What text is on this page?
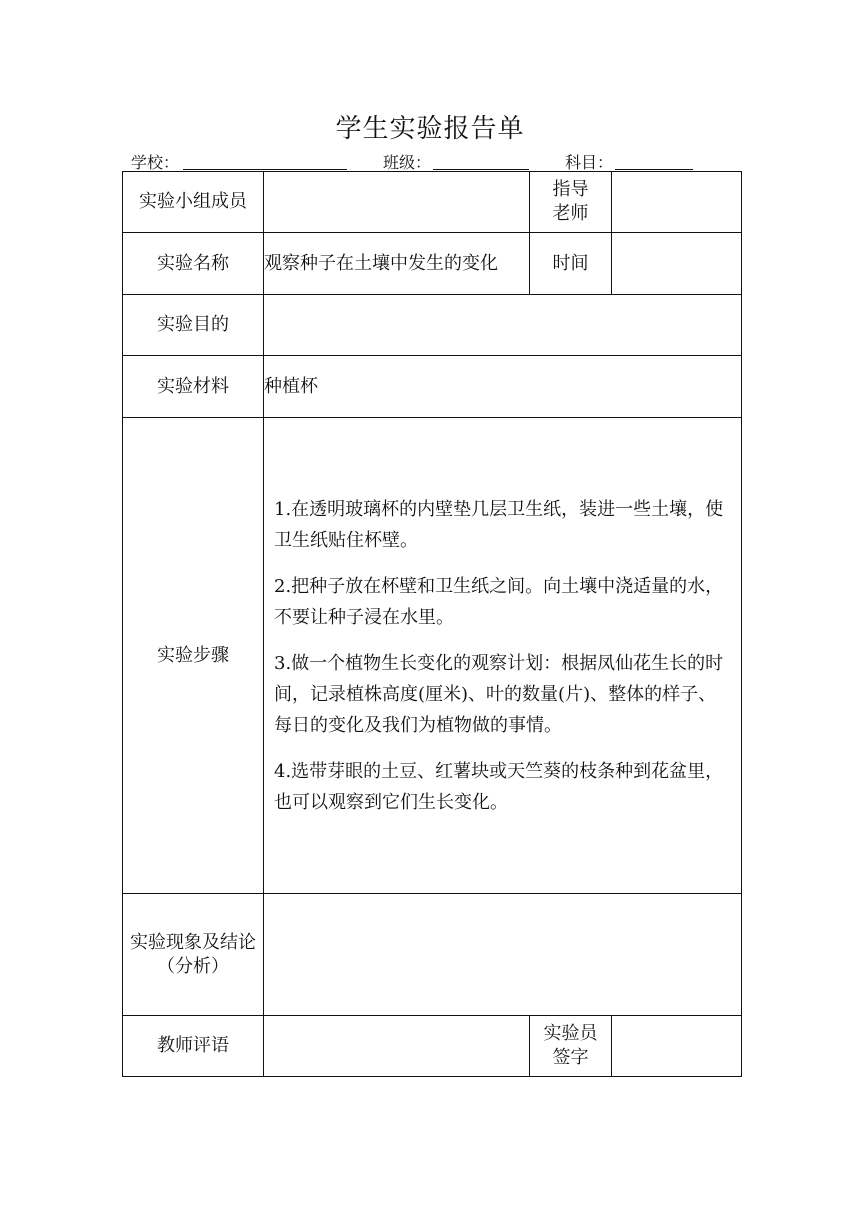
学生实验报告单
学校：	班级：	科目：
实验小组成员		指导老师	
实验名称	观察种子在土壤中发生的变化	时间	
实验目的			
实验材料	种植杯		
实验步骤	1.在透明玻璃杯的内壁垫几层卫生纸，装进一些土壤，使卫生纸贴住杯壁。

2.把种子放在杯壁和卫生纸之间。向土壤中浇适量的水，不要让种子浸在水里。

3.做一个植物生长变化的观察计划：根据凤仙花生长的时间，记录植株高度(厘米)、叶的数量(片)、整体的样子、每日的变化及我们为植物做的事情。

4.选带芽眼的土豆、红薯块或天竺葵的枝条种到花盆里，也可以观察到它们生长变化。		

实验现象及结论（分析）			
教师评语		实验员签字	
